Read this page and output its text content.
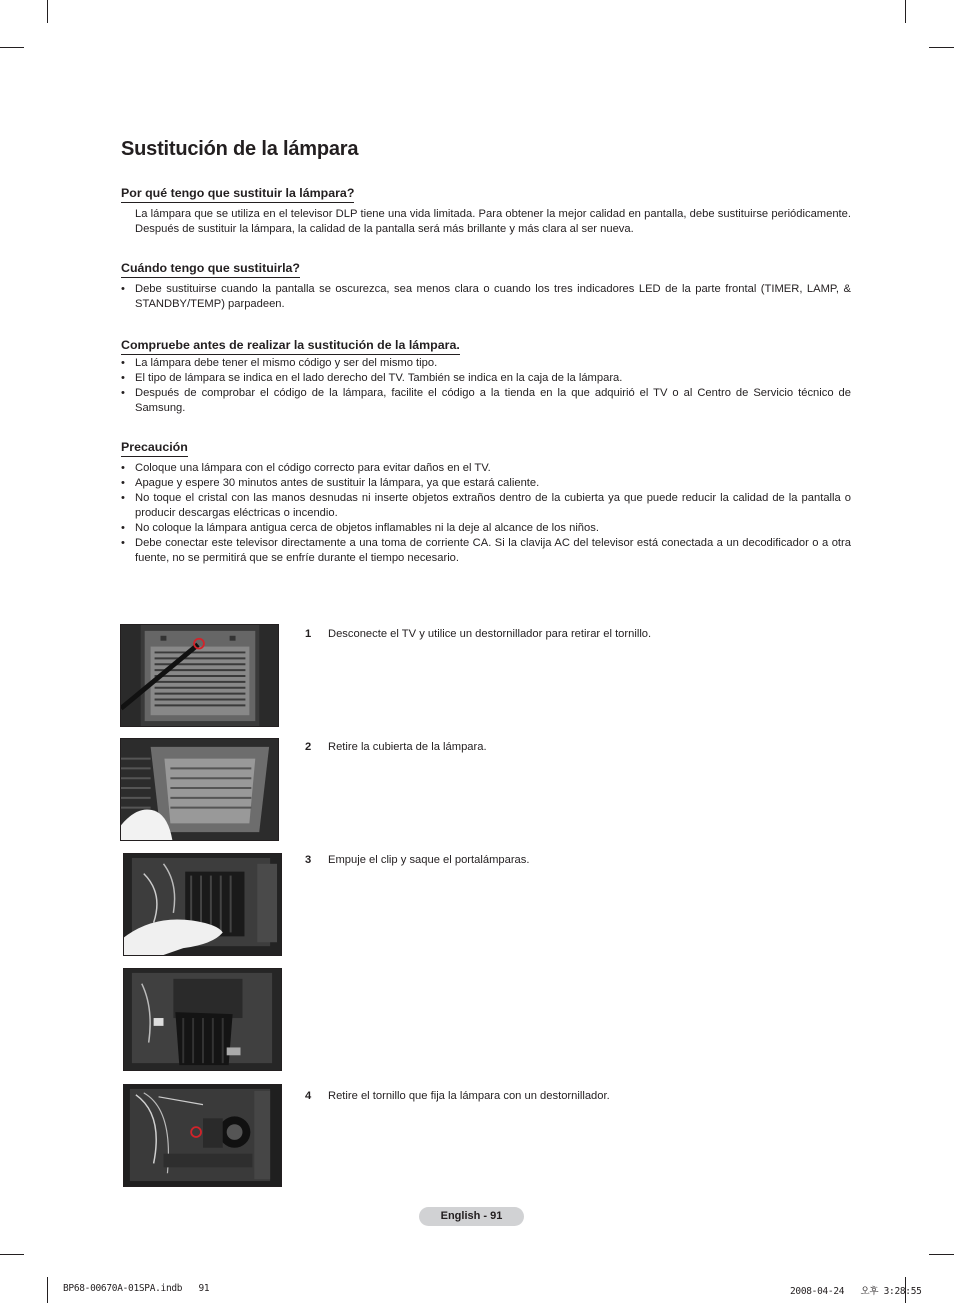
Sustitución de la lámpara
Por qué tengo que sustituir la lámpara?

La lámpara que se utiliza en el televisor DLP tiene una vida limitada. Para obtener la mejor calidad en pantalla, debe sustituirse periódicamente. Después de sustituir la lámpara, la calidad de la pantalla será más brillante y más clara al ser nueva.

Cuándo tengo que sustituirla?
• Debe sustituirse cuando la pantalla se oscurezca, sea menos clara o cuando los tres indicadores LED de la parte frontal (TIMER, LAMP, & STANDBY/TEMP) parpadeen.
Compruebe antes de realizar la sustitución de la lámpara.
• La lámpara debe tener el mismo código y ser del mismo tipo.
• El tipo de lámpara se indica en el lado derecho del TV. También se indica en la caja de la lámpara.
• Después de comprobar el código de la lámpara, facilite el código a la tienda en la que adquirió el TV o al Centro de Servicio técnico de Samsung.
Precaución
• Coloque una lámpara con el código correcto para evitar daños en el TV.
• Apague y espere 30 minutos antes de sustituir la lámpara, ya que estará caliente.
• No toque el cristal con las manos desnudas ni inserte objetos extraños dentro de la cubierta ya que puede reducir la calidad de la pantalla o producir descargas eléctricas o incendio.
• No coloque la lámpara antigua cerca de objetos inflamables ni la deje al alcance de los niños.
• Debe conectar este televisor directamente a una toma de corriente CA. Si la clavija AC del televisor está conectada a un decodificador o a otra fuente, no se permitirá que se enfríe durante el tiempo necesario.
1 Desconecte el TV y utilice un destornillador para retirar el tornillo.
2 Retire la cubierta de la lámpara.
3 Empuje el clip y saque el portalámparas.
4 Retire el tornillo que fija la lámpara con un destornillador.
English - 91
BP68-00670A-01SPA.indb   91	2008-04-24   오후 3:28:55
